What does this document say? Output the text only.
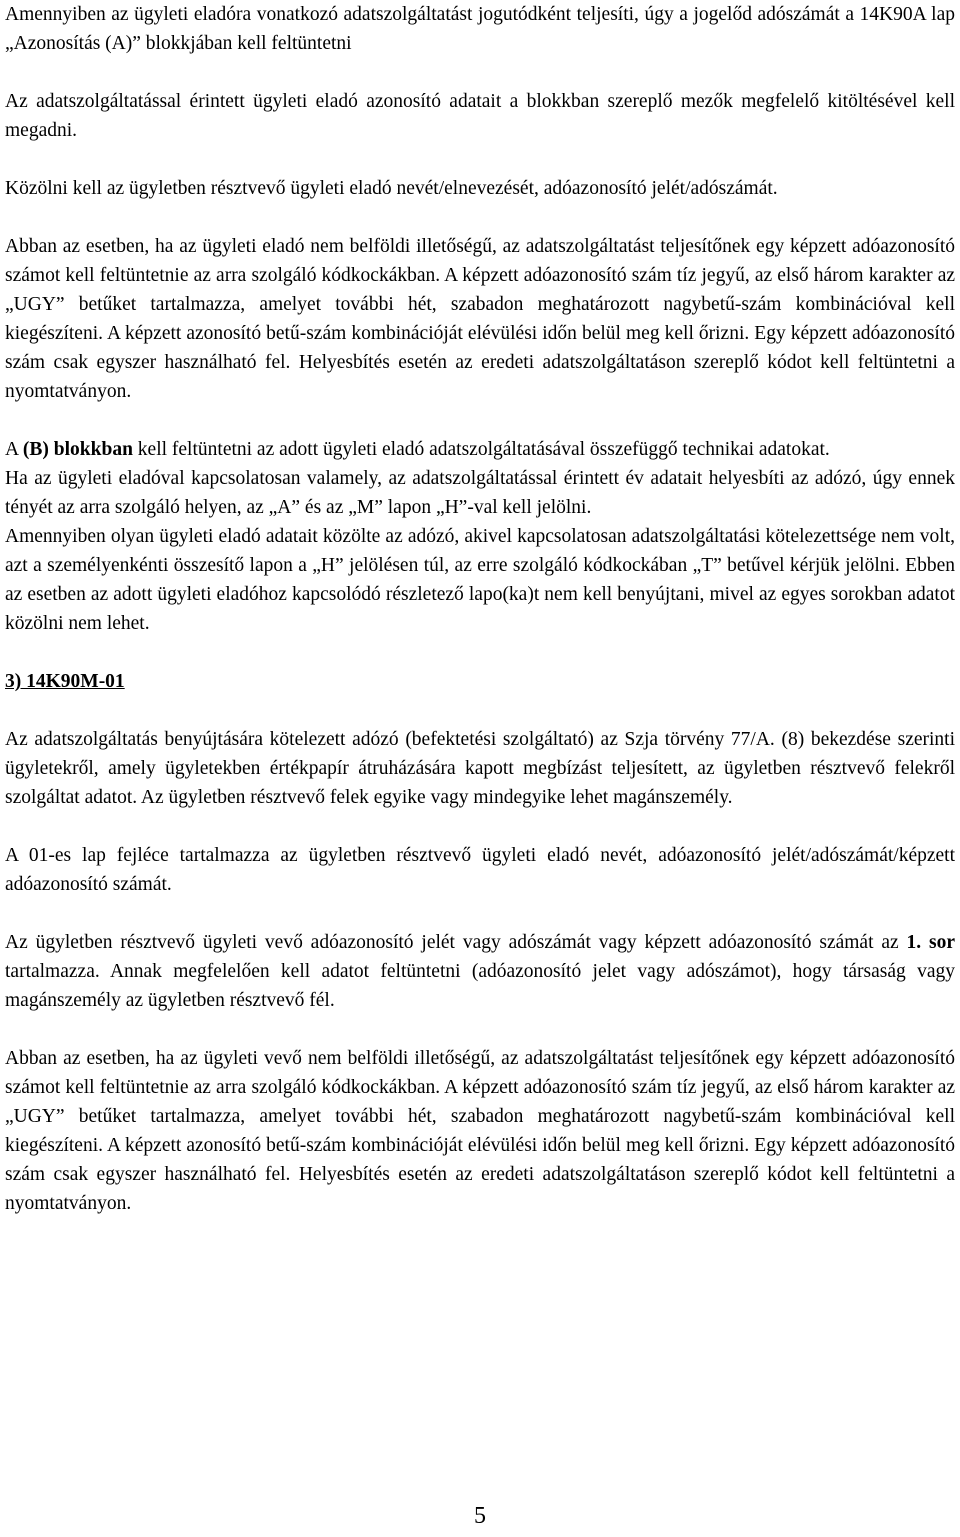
Amennyiben az ügyleti eladóra vonatkozó adatszolgáltatást jogutódként teljesíti, úgy a jogelőd adószámát a 14K90A lap „Azonosítás (A)” blokkjában kell feltüntetni

Az adatszolgáltatással érintett ügyleti eladó azonosító adatait a blokkban szereplő mezők megfelelő kitöltésével kell megadni.

Közölni kell az ügyletben résztvevő ügyleti eladó nevét/elnevezését, adóazonosító jelét/adószámát.

Abban az esetben, ha az ügyleti eladó nem belföldi illetőségű, az adatszolgáltatást teljesítőnek egy képzett adóazonosító számot kell feltüntetnie az arra szolgáló kódkockákban. A képzett adóazonosító szám tíz jegyű, az első három karakter az „UGY” betűket tartalmazza, amelyet további hét, szabadon meghatározott nagybetű-szám kombinációval kell kiegészíteni. A képzett azonosító betű-szám kombinációját elévülési időn belül meg kell őrizni. Egy képzett adóazonosító szám csak egyszer használható fel. Helyesbítés esetén az eredeti adatszolgáltatáson szereplő kódot kell feltüntetni a nyomtatványon.

A (B) blokkban kell feltüntetni az adott ügyleti eladó adatszolgáltatásával összefüggő technikai adatokat.

Ha az ügyleti eladóval kapcsolatosan valamely, az adatszolgáltatással érintett év adatait helyesbíti az adózó, úgy ennek tényét az arra szolgáló helyen, az „A” és az „M” lapon „H”-val kell jelölni.

Amennyiben olyan ügyleti eladó adatait közölte az adózó, akivel kapcsolatosan adatszolgáltatási kötelezettsége nem volt, azt a személyenkénti összesítő lapon a „H” jelölésen túl, az erre szolgáló kódkockában „T” betűvel kérjük jelölni. Ebben az esetben az adott ügyleti eladóhoz kapcsolódó részletező lapo(ka)t nem kell benyújtani, mivel az egyes sorokban adatot közölni nem lehet.

3) 14K90M-01

Az adatszolgáltatás benyújtására kötelezett adózó (befektetési szolgáltató) az Szja törvény 77/A. (8) bekezdése szerinti ügyletekről, amely ügyletekben értékpapír átruházására kapott megbízást teljesített, az ügyletben résztvevő felekről szolgáltat adatot. Az ügyletben résztvevő felek egyike vagy mindegyike lehet magánszemély.

A 01-es lap fejléce tartalmazza az ügyletben résztvevő ügyleti eladó nevét, adóazonosító jelét/adószámát/képzett adóazonosító számát.

Az ügyletben résztvevő ügyleti vevő adóazonosító jelét vagy adószámát vagy képzett adóazonosító számát az 1. sor tartalmazza. Annak megfelelően kell adatot feltüntetni (adóazonosító jelet vagy adószámot), hogy társaság vagy magánszemély az ügyletben résztvevő fél.

Abban az esetben, ha az ügyleti vevő nem belföldi illetőségű, az adatszolgáltatást teljesítőnek egy képzett adóazonosító számot kell feltüntetnie az arra szolgáló kódkockákban. A képzett adóazonosító szám tíz jegyű, az első három karakter az „UGY” betűket tartalmazza, amelyet további hét, szabadon meghatározott nagybetű-szám kombinációval kell kiegészíteni. A képzett azonosító betű-szám kombinációját elévülési időn belül meg kell őrizni. Egy képzett adóazonosító szám csak egyszer használható fel. Helyesbítés esetén az eredeti adatszolgáltatáson szereplő kódot kell feltüntetni a nyomtatványon.

5
